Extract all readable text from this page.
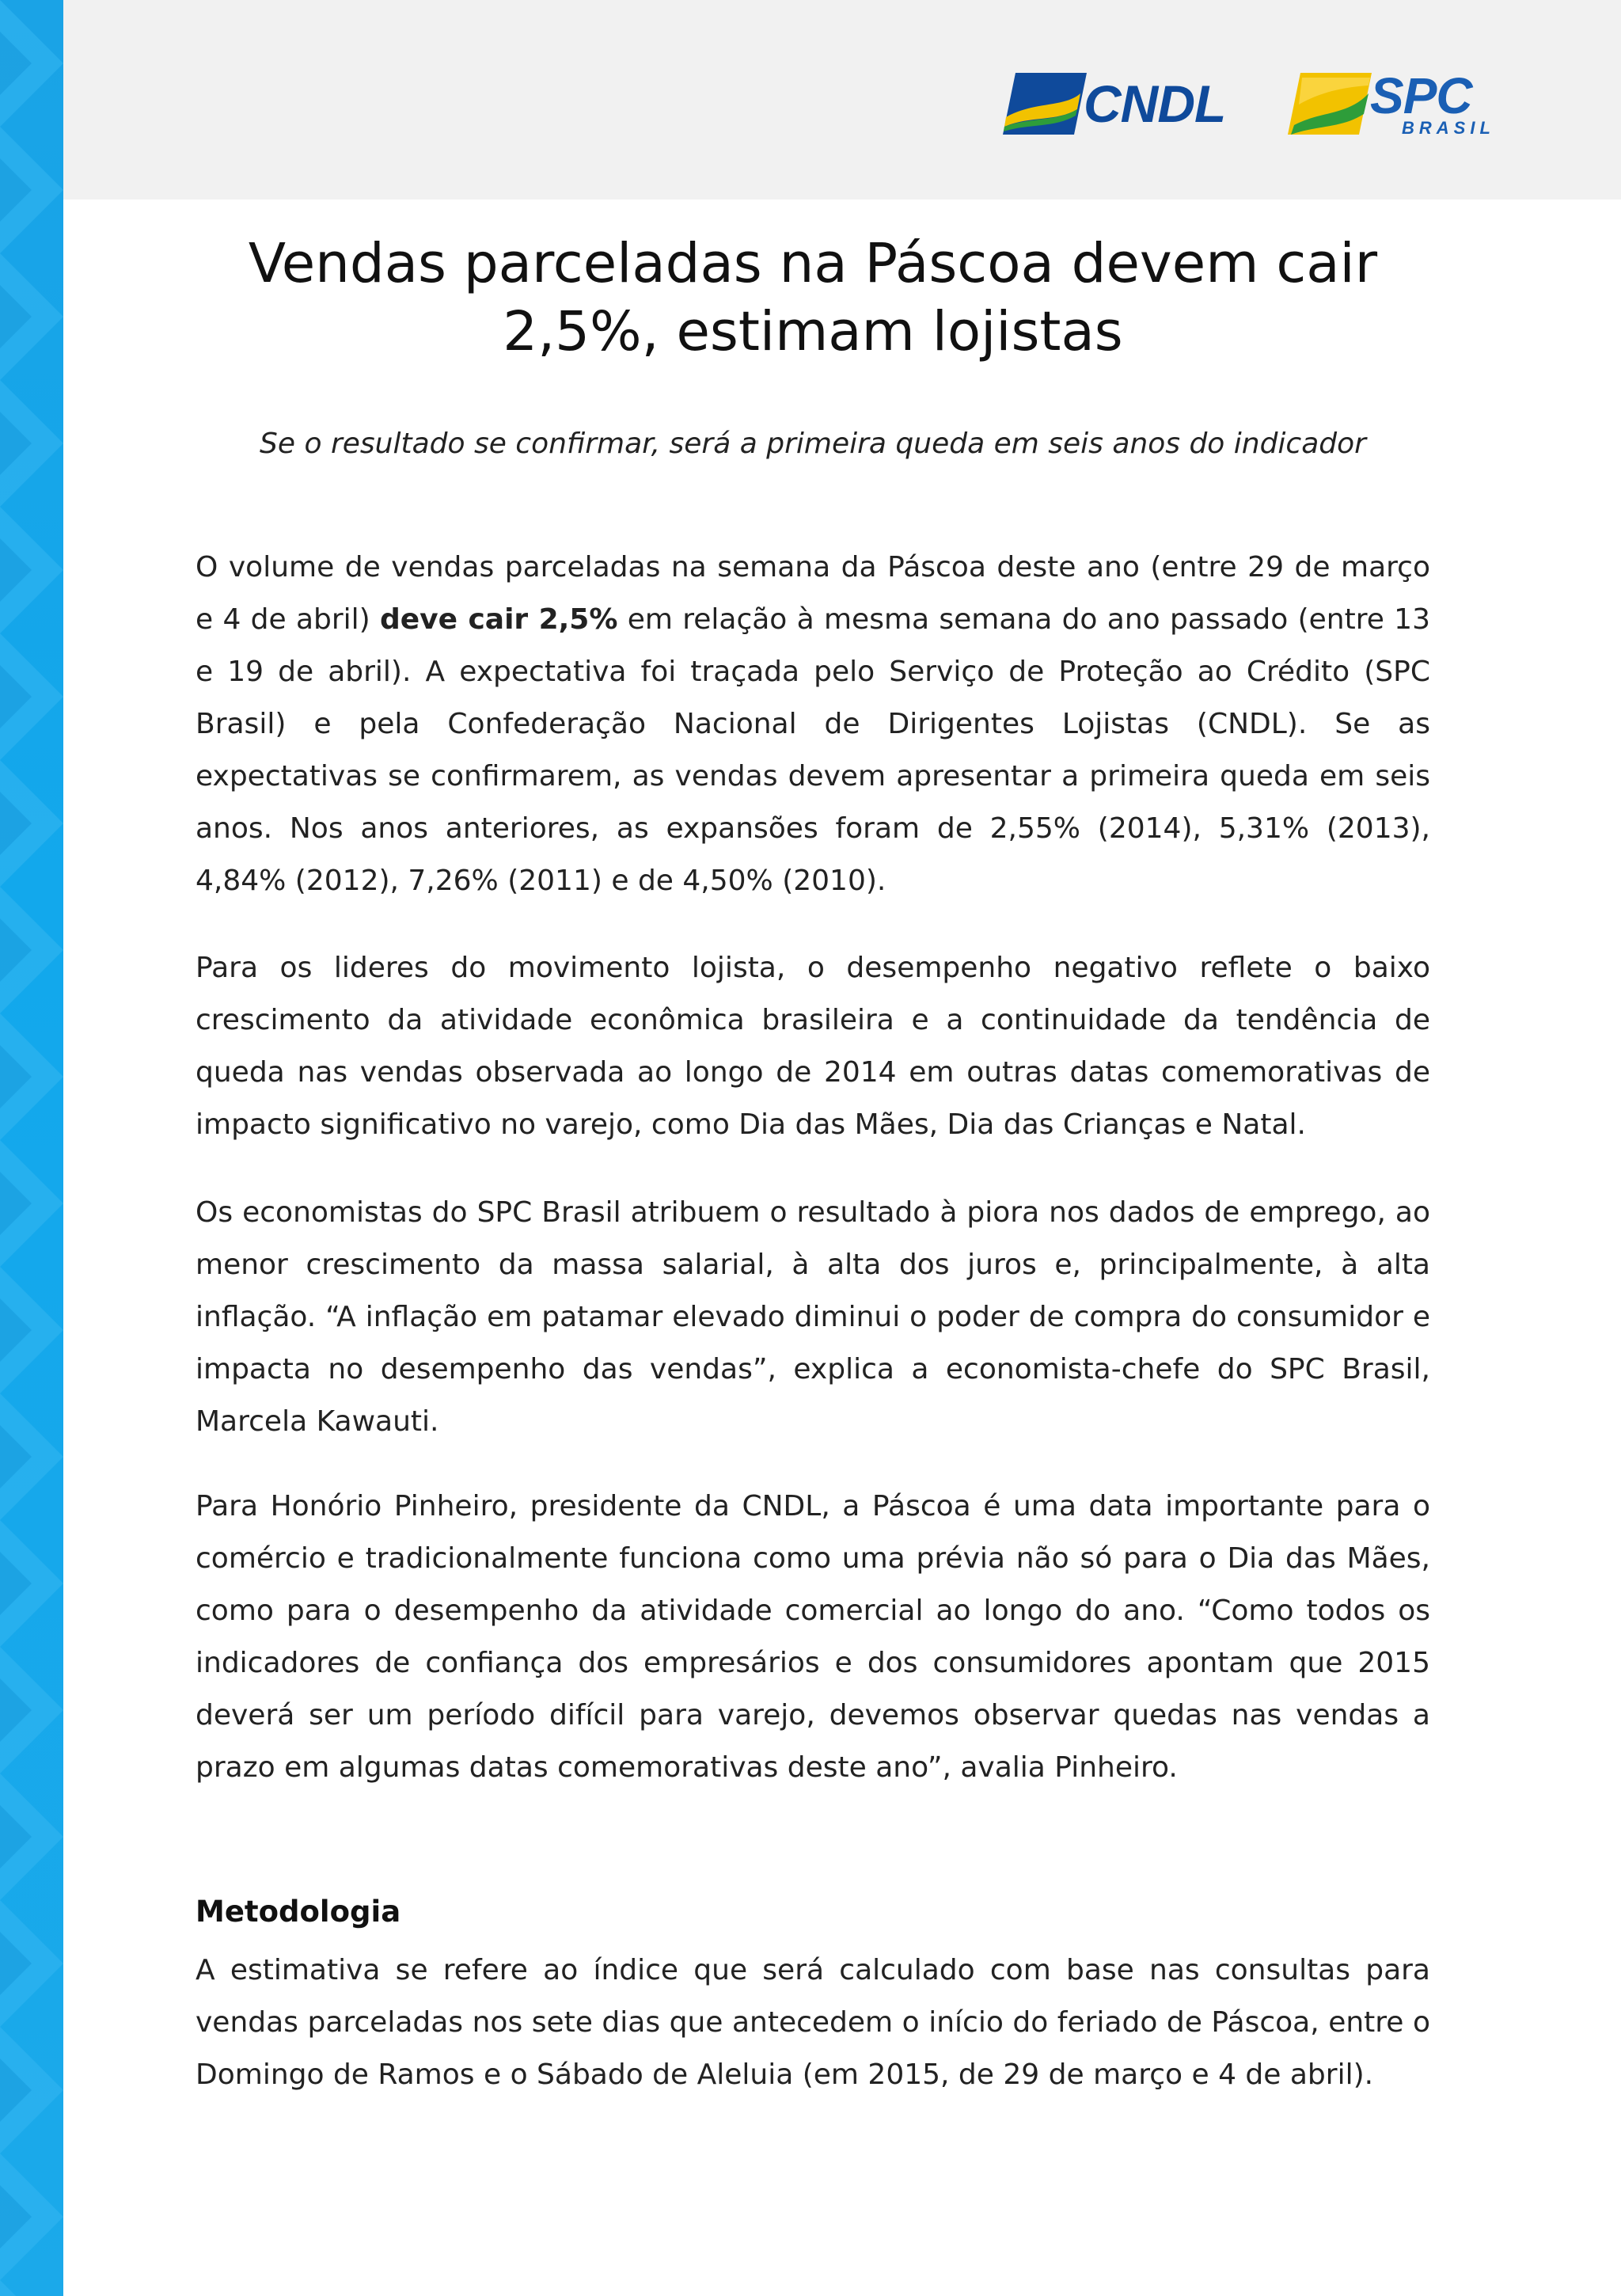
CNDL	SPC
BRASIL
Vendas parceladas na Páscoa devem cair 2,5%, estimam lojistas

Se o resultado se confirmar, será a primeira queda em seis anos do indicador

O volume de vendas parceladas na semana da Páscoa deste ano (entre 29 de março e 4 de abril) deve cair 2,5% em relação à mesma semana do ano passado (entre 13 e 19 de abril). A expectativa foi traçada pelo Serviço de Proteção ao Crédito (SPC Brasil) e pela Confederação Nacional de Dirigentes Lojistas (CNDL). Se as expectativas se confirmarem, as vendas devem apresentar a primeira queda em seis anos. Nos anos anteriores, as expansões foram de 2,55% (2014), 5,31% (2013), 4,84% (2012), 7,26% (2011) e de 4,50% (2010).

Para os lideres do movimento lojista, o desempenho negativo reflete o baixo crescimento da atividade econômica brasileira e a continuidade da tendência de queda nas vendas observada ao longo de 2014 em outras datas comemorativas de impacto significativo no varejo, como Dia das Mães, Dia das Crianças e Natal.

Os economistas do SPC Brasil atribuem o resultado à piora nos dados de emprego, ao menor crescimento da massa salarial, à alta dos juros e, principalmente, à alta inflação. “A inflação em patamar elevado diminui o poder de compra do consumidor e impacta no desempenho das vendas”, explica a economista-chefe do SPC Brasil, Marcela Kawauti.

Para Honório Pinheiro, presidente da CNDL, a Páscoa é uma data importante para o comércio e tradicionalmente funciona como uma prévia não só para o Dia das Mães, como para o desempenho da atividade comercial ao longo do ano. “Como todos os indicadores de confiança dos empresários e dos consumidores apontam que 2015 deverá ser um período difícil para varejo, devemos observar quedas nas vendas a prazo em algumas datas comemorativas deste ano”, avalia Pinheiro.

Metodologia

A estimativa se refere ao índice que será calculado com base nas consultas para vendas parceladas nos sete dias que antecedem o início do feriado de Páscoa, entre o Domingo de Ramos e o Sábado de Aleluia (em 2015, de 29 de março e 4 de abril).
